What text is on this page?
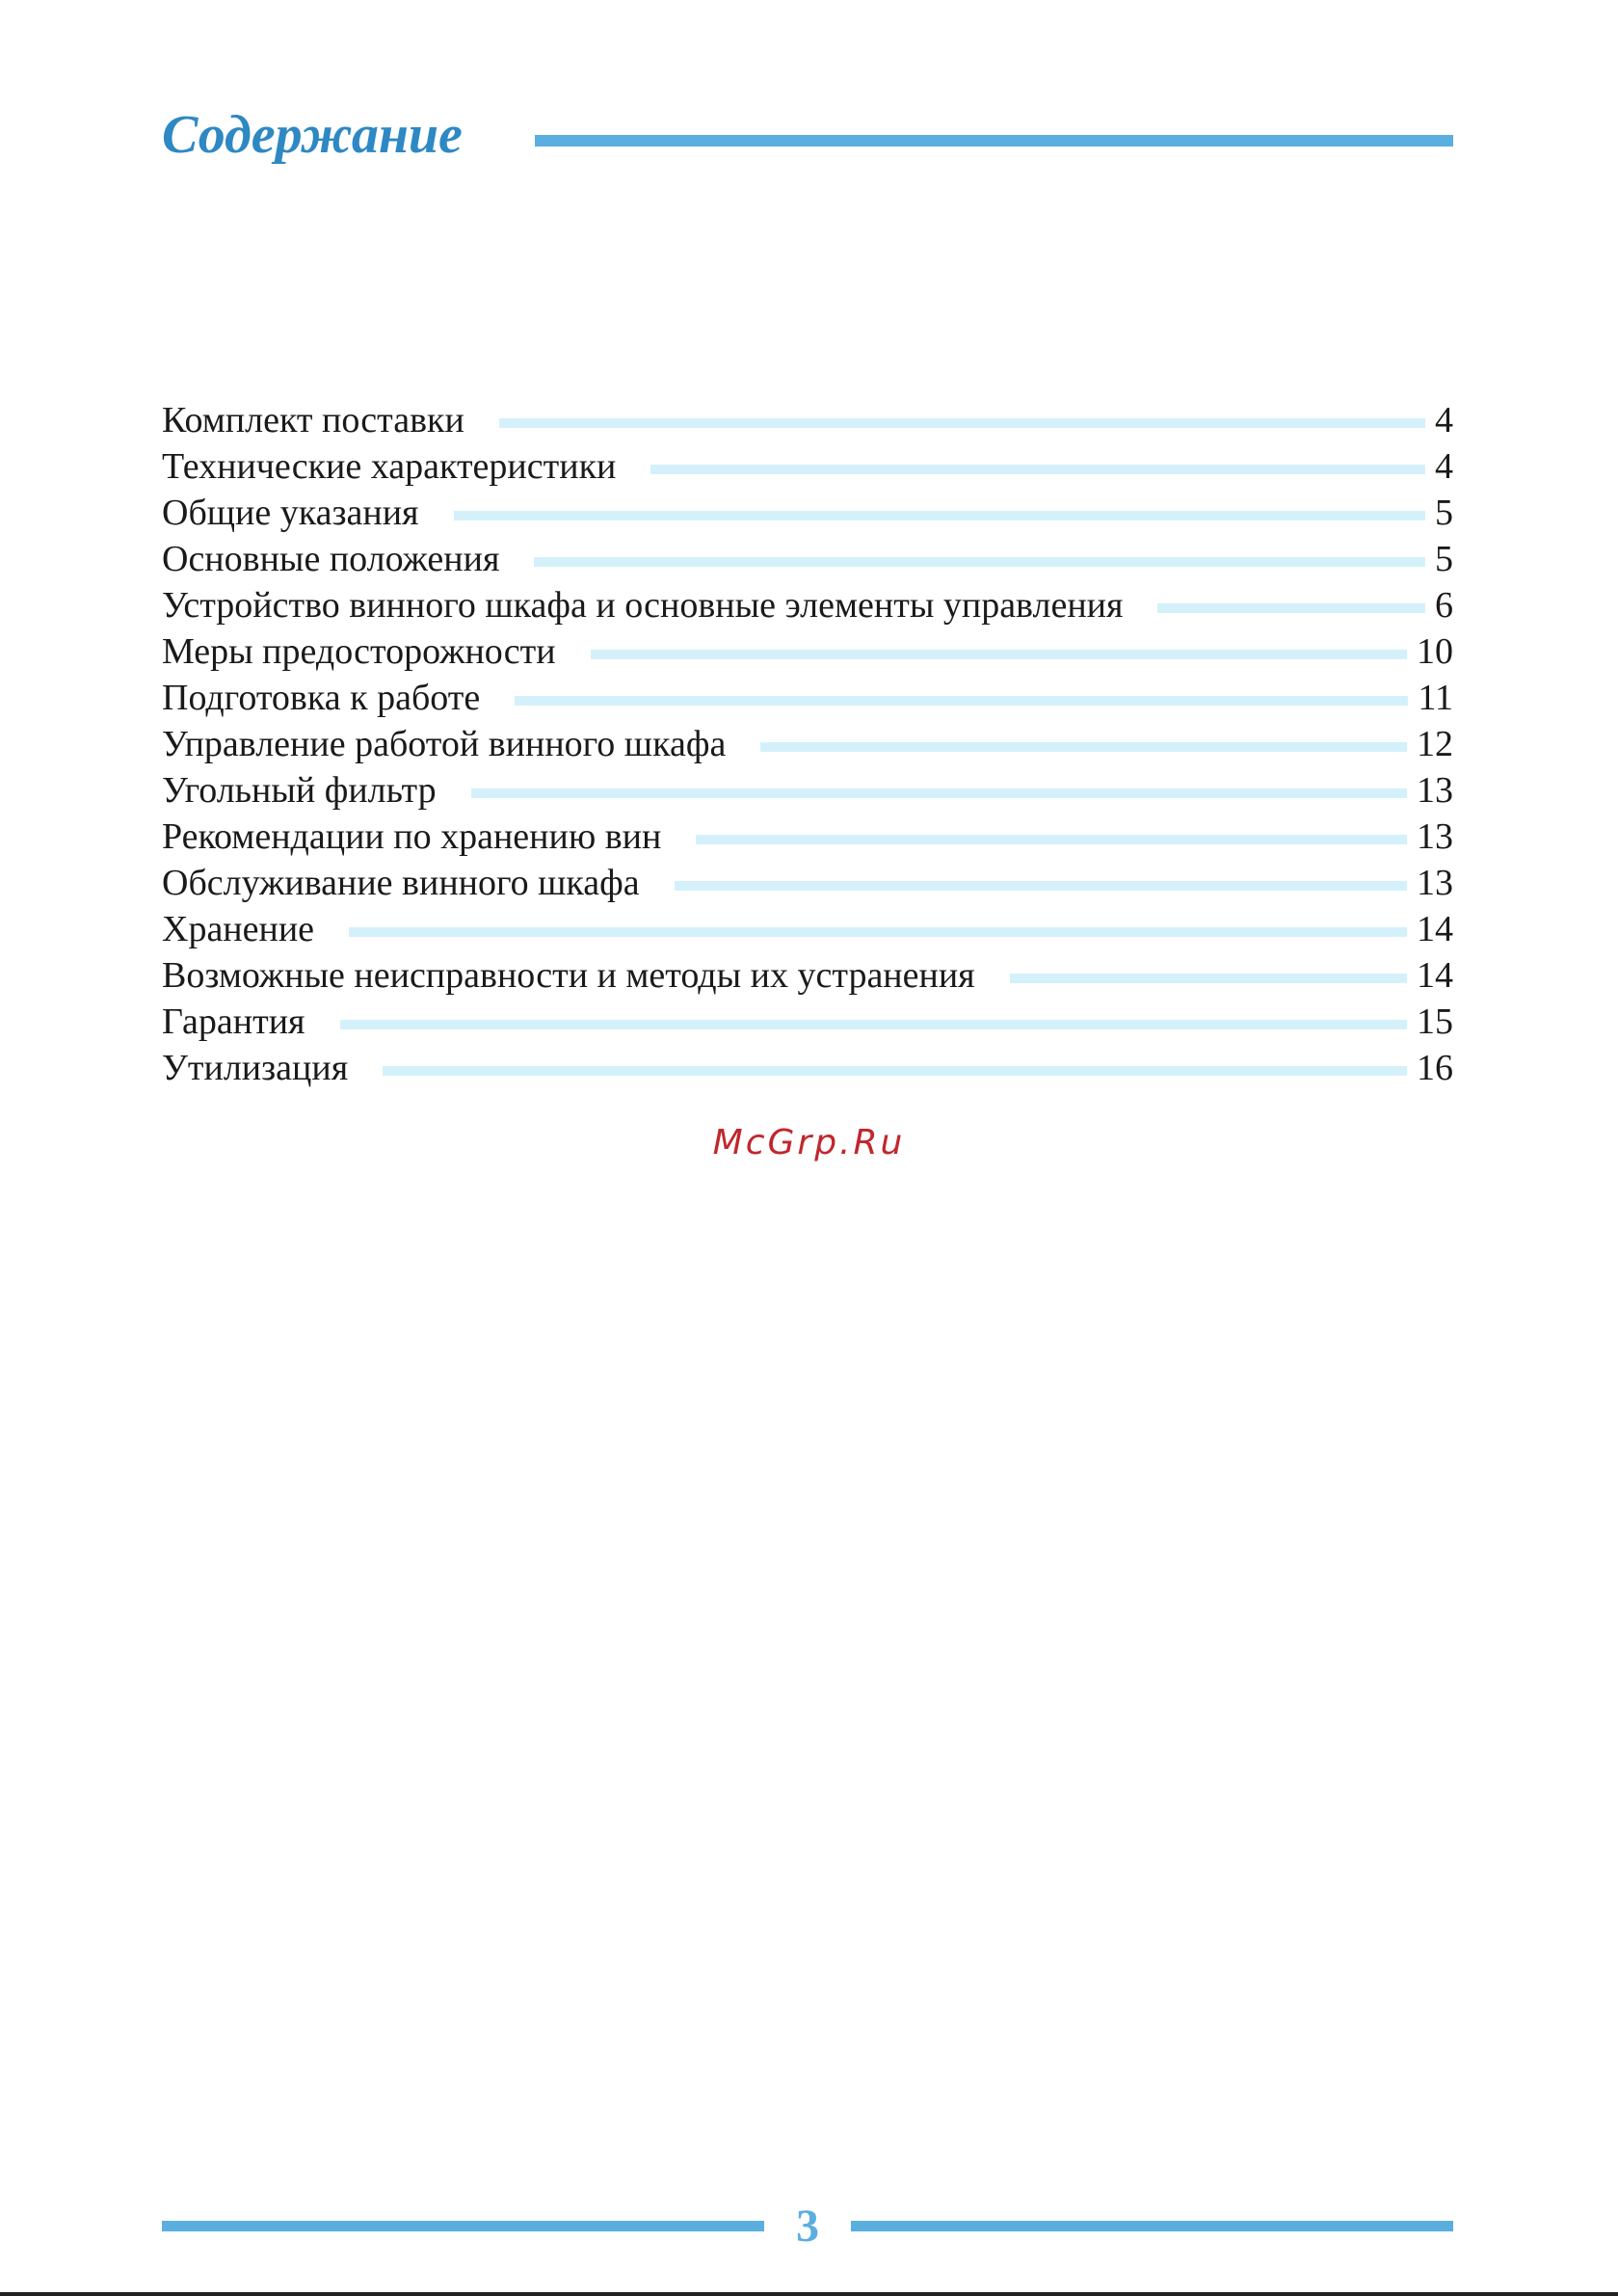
Содержание
Комплект поставки	4
Технические характеристики	4
Общие указания	5
Основные положения	5
Устройство винного шкафа и основные элементы управления	6
Меры предосторожности	10
Подготовка к работе	11
Управление работой винного шкафа	12
Угольный фильтр	13
Рекомендации по хранению вин	13
Обслуживание винного шкафа	13
Хранение	14
Возможные неисправности и методы их устранения	14
Гарантия	15
Утилизация	16
McGrp.Ru
3
